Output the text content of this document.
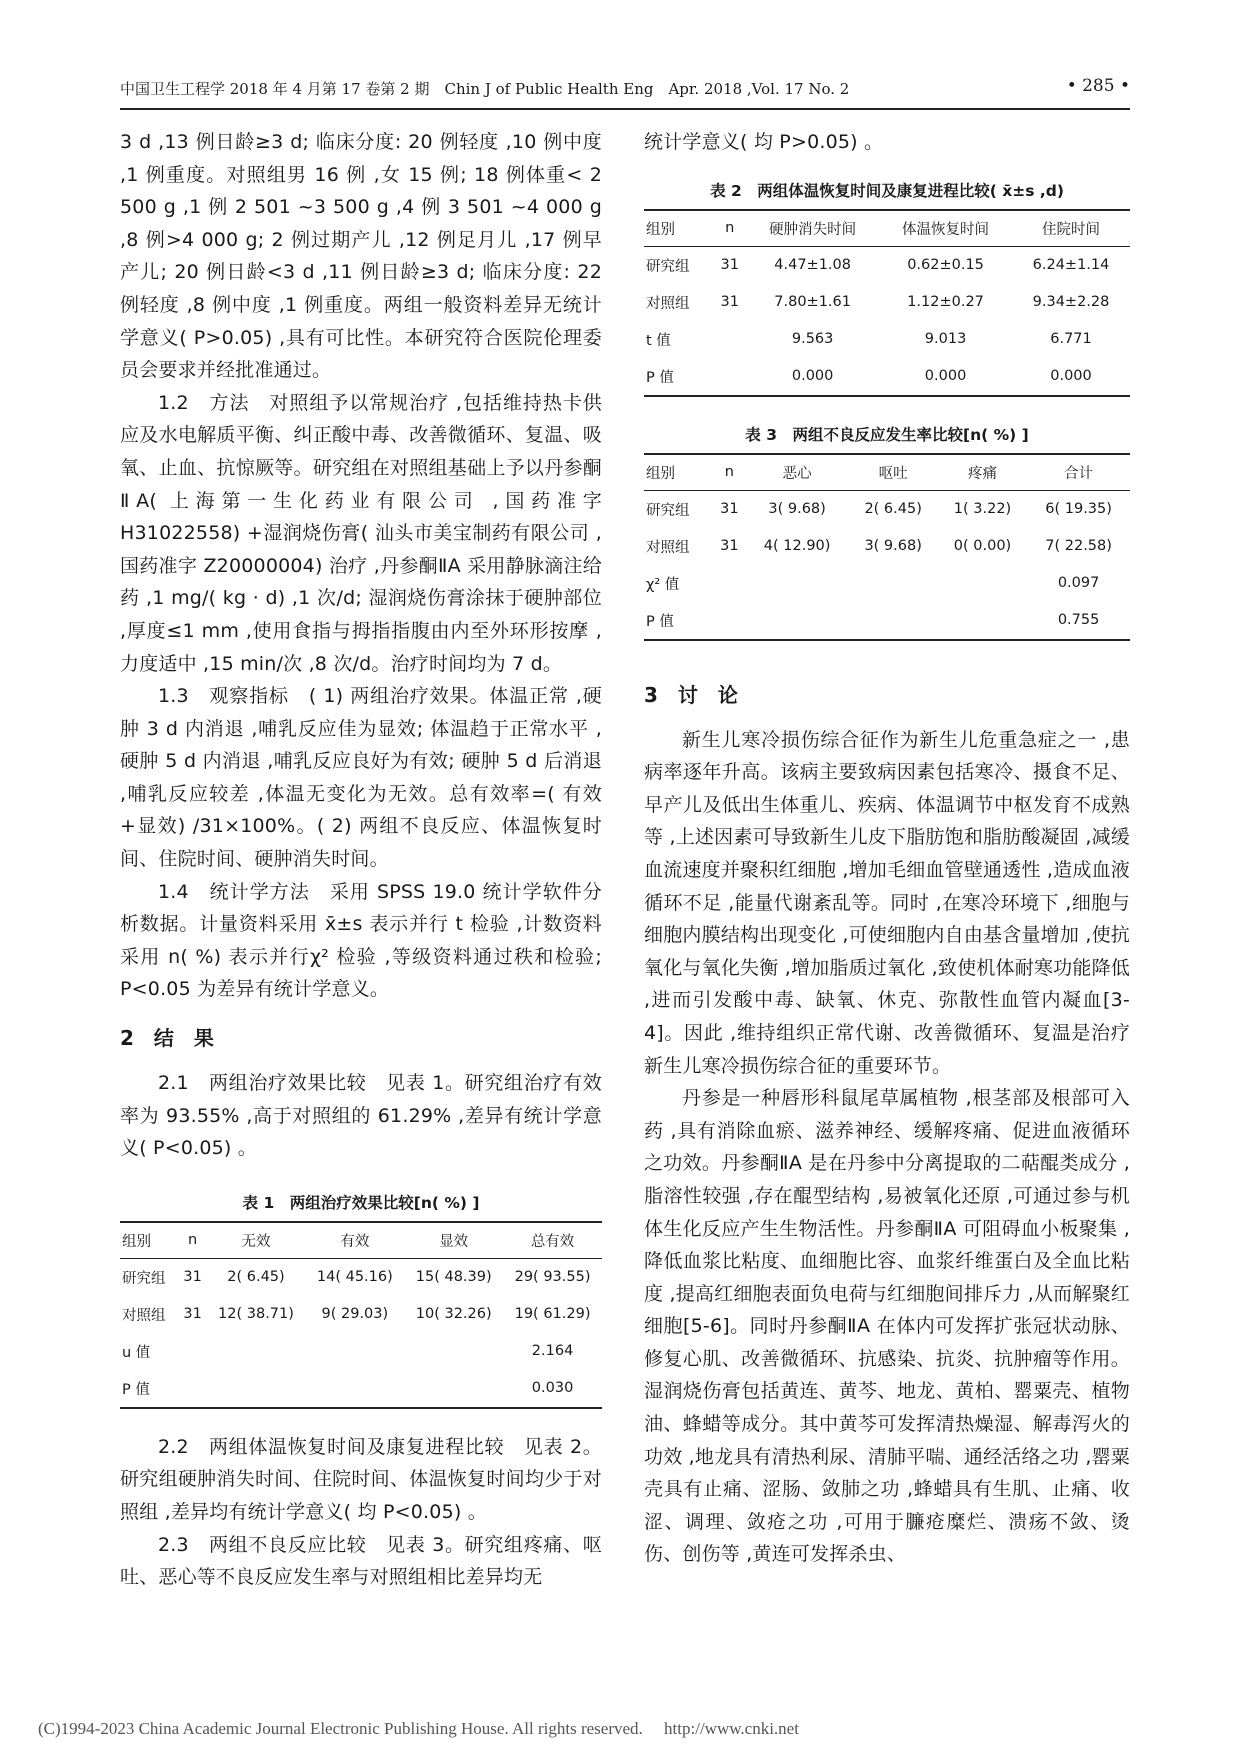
中国卫生工程学 2018 年 4 月第 17 卷第 2 期　Chin J of Public Health Eng　Apr. 2018 ,Vol. 17 No. 2	• 285 •

3 d ,13 例日龄≥3 d; 临床分度: 20 例轻度 ,10 例中度 ,1 例重度。对照组男 16 例 ,女 15 例; 18 例体重< 2 500 g ,1 例 2 501 ~3 500 g ,4 例 3 501 ~4 000 g ,8 例>4 000 g; 2 例过期产儿 ,12 例足月儿 ,17 例早产儿; 20 例日龄<3 d ,11 例日龄≥3 d; 临床分度: 22 例轻度 ,8 例中度 ,1 例重度。两组一般资料差异无统计学意义( P>0.05) ,具有可比性。本研究符合医院伦理委员会要求并经批准通过。

1.2　方法　对照组予以常规治疗 ,包括维持热卡供应及水电解质平衡、纠正酸中毒、改善微循环、复温、吸氧、止血、抗惊厥等。研究组在对照组基础上予以丹参酮ⅡA( 上海第一生化药业有限公司 ,国药准字 H31022558) +湿润烧伤膏( 汕头市美宝制药有限公司 ,国药准字 Z20000004) 治疗 ,丹参酮ⅡA 采用静脉滴注给药 ,1 mg/( kg · d) ,1 次/d; 湿润烧伤膏涂抹于硬肿部位 ,厚度≤1 mm ,使用食指与拇指指腹由内至外环形按摩 ,力度适中 ,15 min/次 ,8 次/d。治疗时间均为 7 d。

1.3　观察指标　( 1) 两组治疗效果。体温正常 ,硬肿 3 d 内消退 ,哺乳反应佳为显效; 体温趋于正常水平 ,硬肿 5 d 内消退 ,哺乳反应良好为有效; 硬肿 5 d 后消退 ,哺乳反应较差 ,体温无变化为无效。总有效率=( 有效+显效) /31×100%。( 2) 两组不良反应、体温恢复时间、住院时间、硬肿消失时间。

1.4　统计学方法　采用 SPSS 19.0 统计学软件分析数据。计量资料采用 x̄±s 表示并行 t 检验 ,计数资料采用 n( %) 表示并行χ² 检验 ,等级资料通过秩和检验; P<0.05 为差异有统计学意义。

2　结　果

2.1　两组治疗效果比较　见表 1。研究组治疗有效率为 93.55% ,高于对照组的 61.29% ,差异有统计学意义( P<0.05) 。

表 1　两组治疗效果比较[n( %) ]
组别	n	无效	有效	显效	总有效
研究组	31	2( 6.45)	14( 45.16)	15( 48.39)	29( 93.55)
对照组	31	12( 38.71)	9( 29.03)	10( 32.26)	19( 61.29)
u 值					2.164
P 值					0.030

2.2　两组体温恢复时间及康复进程比较　见表 2。研究组硬肿消失时间、住院时间、体温恢复时间均少于对照组 ,差异均有统计学意义( 均 P<0.05) 。

2.3　两组不良反应比较　见表 3。研究组疼痛、呕吐、恶心等不良反应发生率与对照组相比差异均无

统计学意义( 均 P>0.05) 。

表 2　两组体温恢复时间及康复进程比较( x̄±s ,d)
组别	n	硬肿消失时间	体温恢复时间	住院时间
研究组	31	4.47±1.08	0.62±0.15	6.24±1.14
对照组	31	7.80±1.61	1.12±0.27	9.34±2.28
t 值		9.563	9.013	6.771
P 值		0.000	0.000	0.000
表 3　两组不良反应发生率比较[n( %) ]
组别	n	恶心	呕吐	疼痛	合计
研究组	31	3( 9.68)	2( 6.45)	1( 3.22)	6( 19.35)
对照组	31	4( 12.90)	3( 9.68)	0( 0.00)	7( 22.58)
χ² 值					0.097
P 值					0.755
3　讨　论

新生儿寒冷损伤综合征作为新生儿危重急症之一 ,患病率逐年升高。该病主要致病因素包括寒冷、摄食不足、早产儿及低出生体重儿、疾病、体温调节中枢发育不成熟等 ,上述因素可导致新生儿皮下脂肪饱和脂肪酸凝固 ,减缓血流速度并聚积红细胞 ,增加毛细血管壁通透性 ,造成血液循环不足 ,能量代谢紊乱等。同时 ,在寒冷环境下 ,细胞与细胞内膜结构出现变化 ,可使细胞内自由基含量增加 ,使抗氧化与氧化失衡 ,增加脂质过氧化 ,致使机体耐寒功能降低 ,进而引发酸中毒、缺氧、休克、弥散性血管内凝血[3-4]。因此 ,维持组织正常代谢、改善微循环、复温是治疗新生儿寒冷损伤综合征的重要环节。

丹参是一种唇形科鼠尾草属植物 ,根茎部及根部可入药 ,具有消除血瘀、滋养神经、缓解疼痛、促进血液循环之功效。丹参酮ⅡA 是在丹参中分离提取的二萜醌类成分 ,脂溶性较强 ,存在醌型结构 ,易被氧化还原 ,可通过参与机体生化反应产生生物活性。丹参酮ⅡA 可阻碍血小板聚集 ,降低血浆比粘度、血细胞比容、血浆纤维蛋白及全血比粘度 ,提高红细胞表面负电荷与红细胞间排斥力 ,从而解聚红细胞[5-6]。同时丹参酮ⅡA 在体内可发挥扩张冠状动脉、修复心肌、改善微循环、抗感染、抗炎、抗肿瘤等作用。湿润烧伤膏包括黄连、黄芩、地龙、黄柏、罂粟壳、植物油、蜂蜡等成分。其中黄芩可发挥清热燥湿、解毒泻火的功效 ,地龙具有清热利尿、清肺平喘、通经活络之功 ,罂粟壳具有止痛、涩肠、敛肺之功 ,蜂蜡具有生肌、止痛、收涩、调理、敛疮之功 ,可用于臁疮糜烂、溃疡不敛、烫伤、创伤等 ,黄连可发挥杀虫、

(C)1994-2023 China Academic Journal Electronic Publishing House. All rights reserved.　 http://www.cnki.net
